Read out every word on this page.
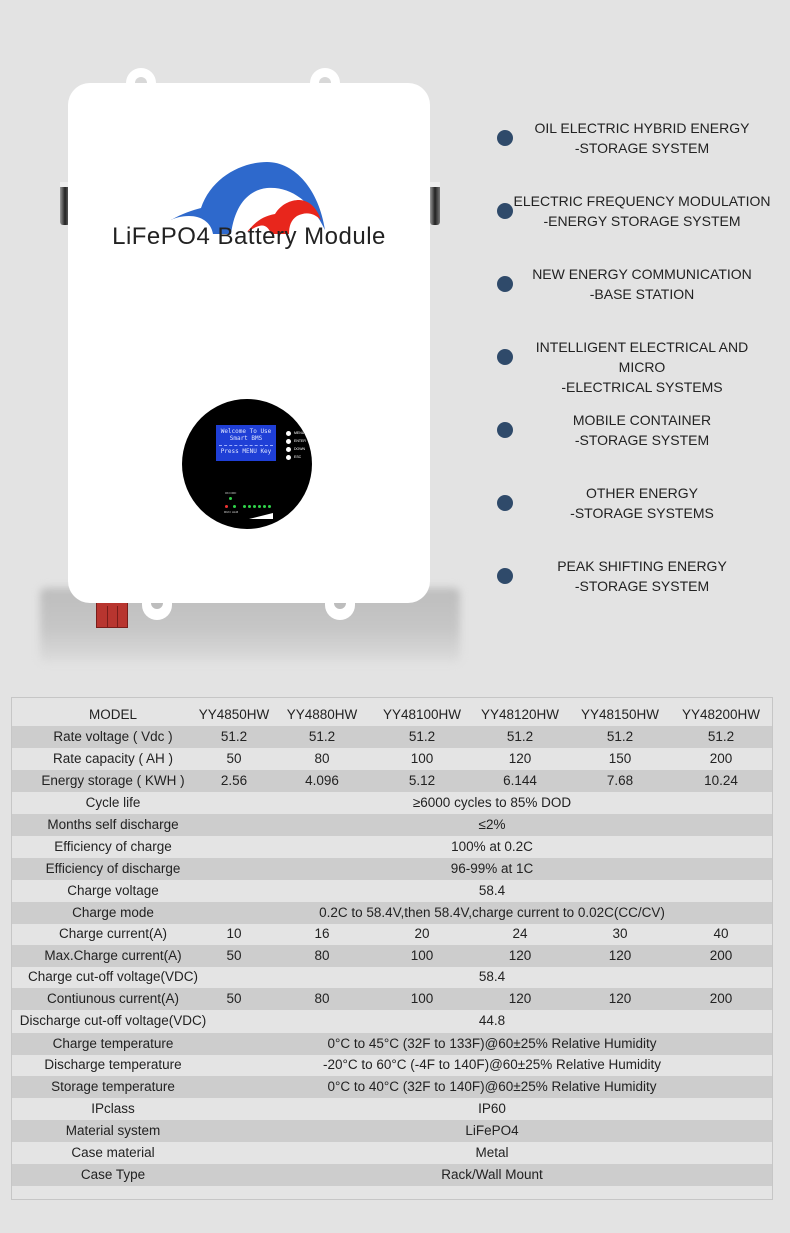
LiFePO4 Battery Module
Welcome To Use
Smart BMS
Press MENU Key
MENU
ENTER
DOWN
ESC
ON OFF
RUN ALM
OIL ELECTRIC HYBRID ENERGY
-STORAGE SYSTEM
ELECTRIC FREQUENCY MODULATION
-ENERGY STORAGE SYSTEM
NEW ENERGY COMMUNICATION
-BASE STATION
INTELLIGENT ELECTRICAL AND MICRO
-ELECTRICAL SYSTEMS
MOBILE CONTAINER
-STORAGE SYSTEM
OTHER ENERGY
-STORAGE SYSTEMS
PEAK SHIFTING ENERGY
-STORAGE SYSTEM
MODEL	YY4850HW	YY4880HW	YY48100HW	YY48120HW	YY48150HW	YY48200HW
Rate voltage ( Vdc )	51.2	51.2	51.2	51.2	51.2	51.2
Rate capacity ( AH )	50	80	100	120	150	200
Energy storage ( KWH )	2.56	4.096	5.12	6.144	7.68	10.24
Cycle life	≥6000 cycles to 85% DOD
Months self discharge	≤2%
Efficiency of charge	100% at 0.2C
Efficiency of discharge	96-99% at 1C
Charge voltage	58.4
Charge mode	0.2C to 58.4V,then 58.4V,charge current to 0.02C(CC/CV)
Charge current(A)	10	16	20	24	30	40
Max.Charge current(A)	50	80	100	120	120	200
Charge cut-off voltage(VDC)	58.4
Contiunous current(A)	50	80	100	120	120	200
Discharge cut-off voltage(VDC)	44.8
Charge temperature	0°C to 45°C (32F to 133F)@60±25% Relative Humidity
Discharge temperature	-20°C to 60°C (-4F to 140F)@60±25% Relative Humidity
Storage temperature	0°C to 40°C (32F to 140F)@60±25% Relative Humidity
IPclass	IP60
Material system	LiFePO4
Case material	Metal
Case Type	Rack/Wall Mount
